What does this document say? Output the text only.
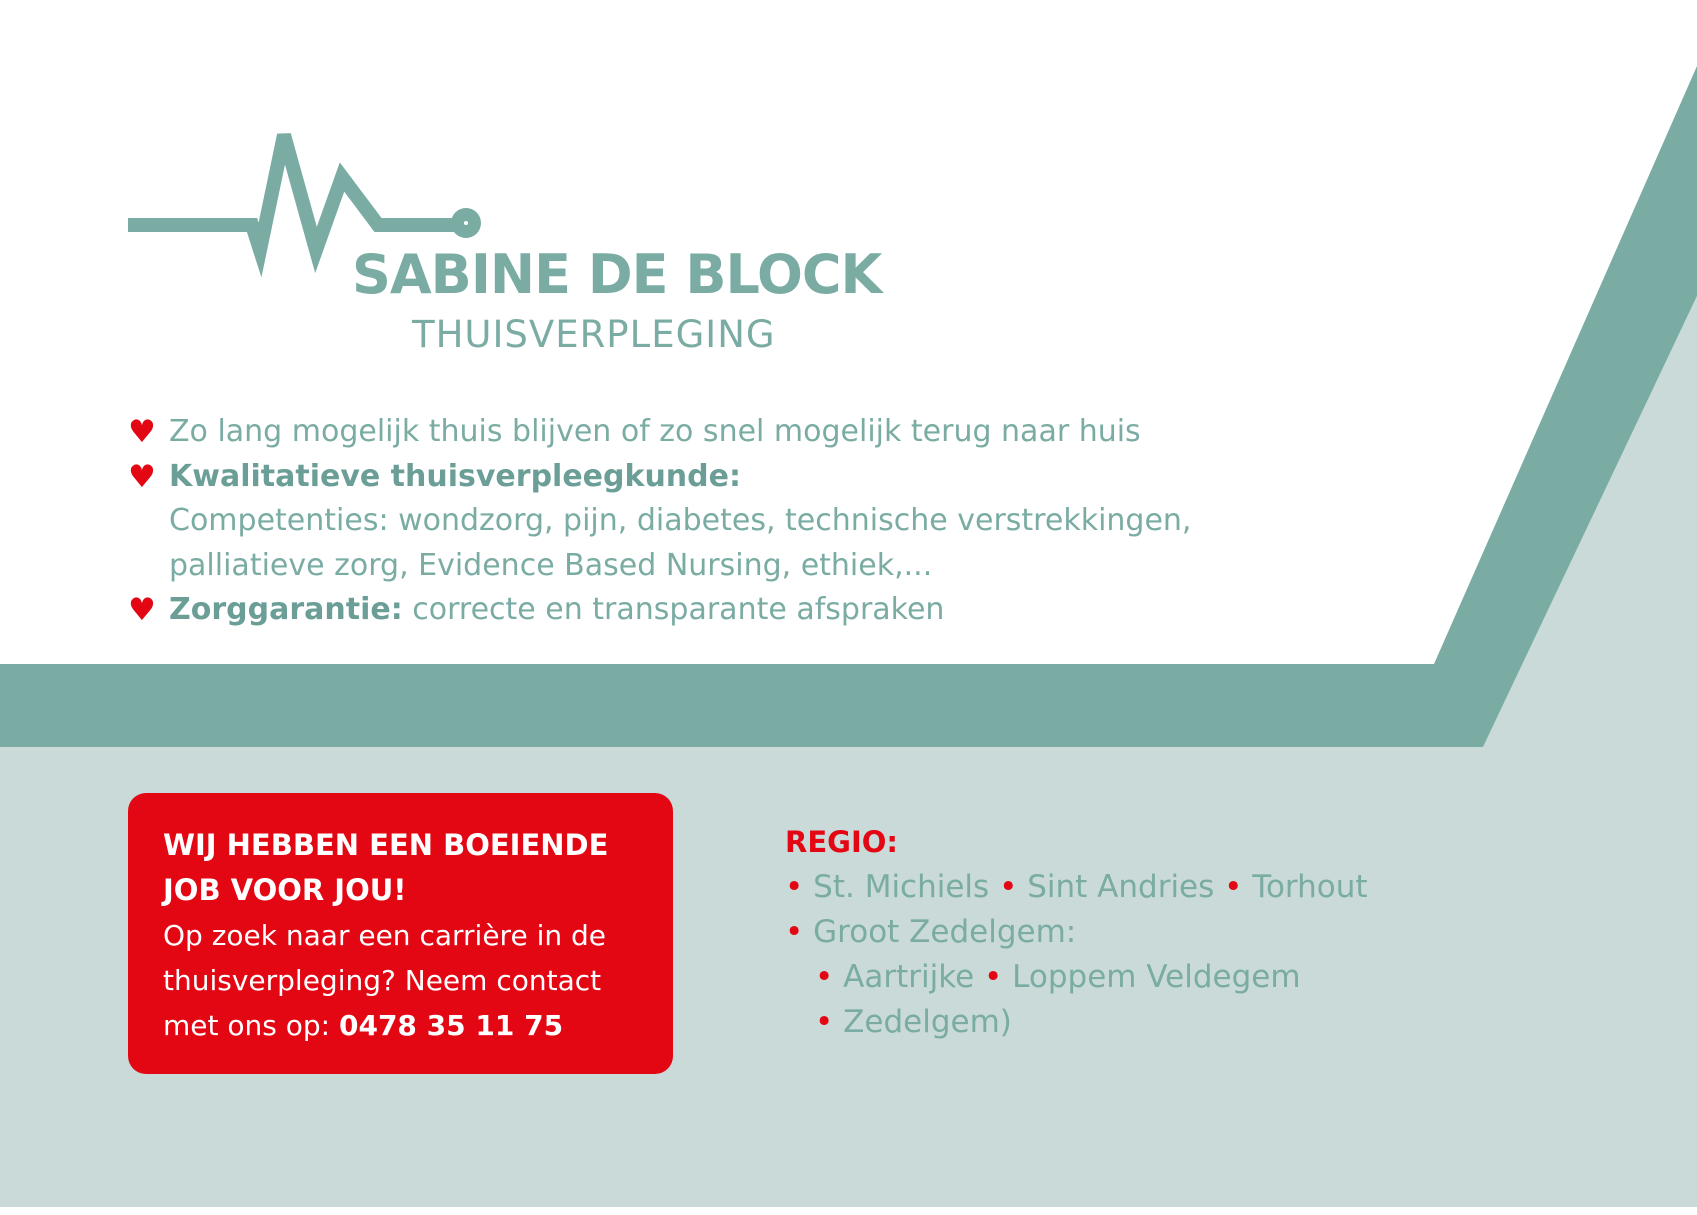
SABINE DE BLOCK
THUISVERPLEGING
♥ Zo lang mogelijk thuis blijven of zo snel mogelijk terug naar huis
♥ Kwalitatieve thuisverpleegkunde:
Competenties: wondzorg, pijn, diabetes, technische verstrekkingen,
palliatieve zorg, Evidence Based Nursing, ethiek,...
♥ Zorggarantie: correcte en transparante afspraken
WIJ HEBBEN EEN BOEIENDE
JOB VOOR JOU!
Op zoek naar een carrière in de
thuisverpleging? Neem contact
met ons op: 0478 35 11 75
REGIO:
• St. Michiels • Sint Andries • Torhout
• Groot Zedelgem:
• Aartrijke • Loppem Veldegem
• Zedelgem)
